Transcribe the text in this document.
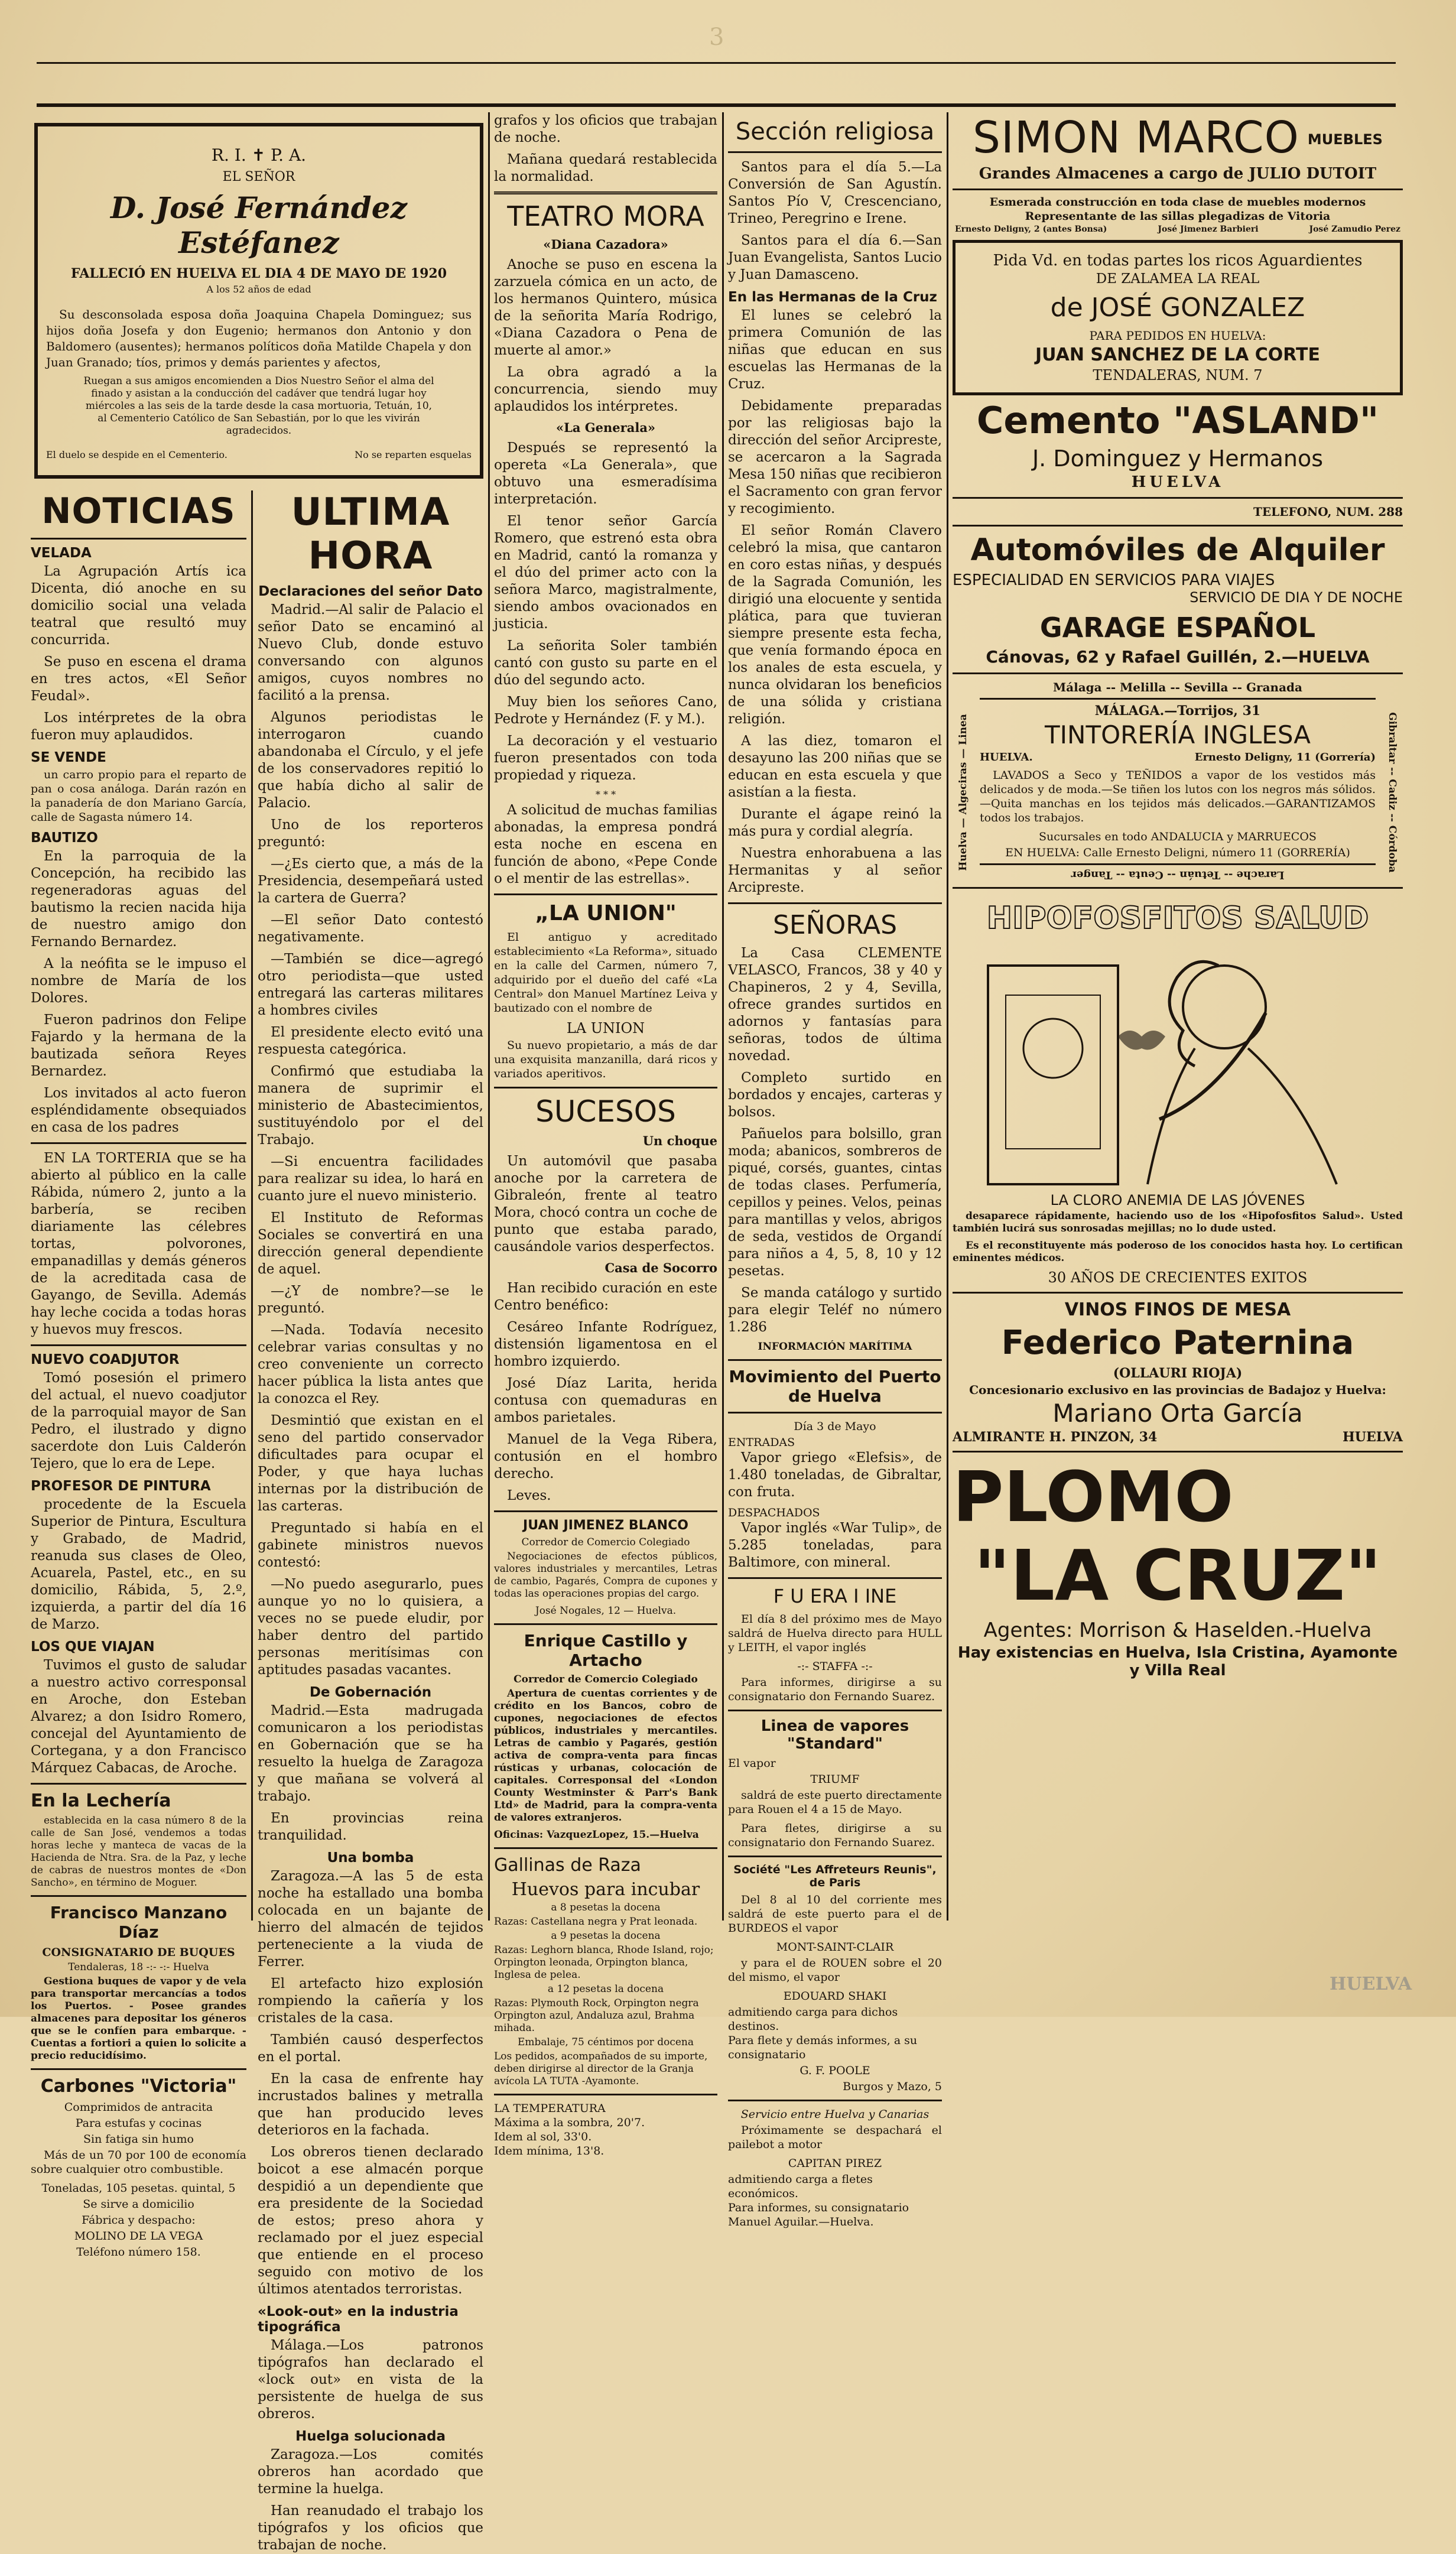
3
R. I. ✝ P. A.
EL SEÑOR
D. José Fernández Estéfanez
FALLECIÓ EN HUELVA EL DIA 4 DE MAYO DE 1920
A los 52 años de edad

Su desconsolada esposa doña Joaquina Chapela Dominguez; sus hijos doña Josefa y don Eugenio; hermanos don Antonio y don Baldomero (ausentes); hermanos políticos doña Matilde Chapela y don Juan Granado; tíos, primos y demás parientes y afectos,

Ruegan a sus amigos encomienden a Dios Nuestro Señor el alma del finado y asistan a la conducción del cadáver que tendrá lugar hoy miércoles a las seis de la tarde desde la casa mortuoria, Tetuán, 10, al Cementerio Católico de San Sebastián, por lo que les vivirán agradecidos.

El duelo se despide en el Cementerio.	No se reparten esquelas
NOTICIAS
VELADA

La Agrupación Artís ica Dicenta, dió anoche en su domicilio social una velada teatral que resultó muy concurrida.

Se puso en escena el drama en tres actos, «El Señor Feudal».

Los intérpretes de la obra fueron muy aplaudidos.

SE VENDE

un carro propio para el reparto de pan o cosa análoga. Darán razón en la panadería de don Mariano García, calle de Sagasta número 14.

BAUTIZO

En la parroquia de la Concepción, ha recibido las regeneradoras aguas del bautismo la recien nacida hija de nuestro amigo don Fernando Bernardez.

A la neófita se le impuso el nombre de María de los Dolores.

Fueron padrinos don Felipe Fajardo y la hermana de la bautizada señora Reyes Bernardez.

Los invitados al acto fueron espléndidamente obsequiados en casa de los padres

EN LA TORTERIA que se ha abierto al público en la calle Rábida, número 2, junto a la barbería, se reciben diariamente las célebres tortas, polvorones, empanadillas y demás géneros de la acreditada casa de Gayango, de Sevilla. Además hay leche cocida a todas horas y huevos muy frescos.

NUEVO COADJUTOR

Tomó posesión el primero del actual, el nuevo coadjutor de la parroquial mayor de San Pedro, el ilustrado y digno sacerdote don Luis Calderón Tejero, que lo era de Lepe.

PROFESOR DE PINTURA

procedente de la Escuela Superior de Pintura, Escultura y Grabado, de Madrid, reanuda sus clases de Oleo, Acuarela, Pastel, etc., en su domicilio, Rábida, 5, 2.º, izquierda, a partir del día 16 de Marzo.

LOS QUE VIAJAN

Tuvimos el gusto de saludar a nuestro activo corresponsal en Aroche, don Esteban Alvarez; a don Isidro Romero, concejal del Ayuntamiento de Cortegana, y a don Francisco Márquez Cabacas, de Aroche.

En la Lechería

establecida en la casa número 8 de la calle de San José, vendemos a todas horas leche y manteca de vacas de la Hacienda de Ntra. Sra. de la Paz, y leche de cabras de nuestros montes de «Don Sancho», en término de Moguer.

Francisco Manzano Díaz
CONSIGNATARIO DE BUQUES
Tendaleras, 18 -:- -:- Huelva

Gestiona buques de vapor y de vela para transportar mercancías a todos los Puertos. - Posee grandes almacenes para depositar los géneros que se le confíen para embarque. - Cuentas a fortiori a quien lo solicite a precio reducidísimo.

Carbones "Victoria"
Comprimidos de antracita
Para estufas y cocinas
Sin fatiga sin humo

Más de un 70 por 100 de economía sobre cualquier otro combustible.

Toneladas, 105 pesetas. quintal, 5
Se sirve a domicilio
Fábrica y despacho:
MOLINO DE LA VEGA
Teléfono número 158.
ULTIMA HORA
Declaraciones del señor Dato

Madrid.—Al salir de Palacio el señor Dato se encaminó al Nuevo Club, donde estuvo conversando con algunos amigos, cuyos nombres no facilitó a la prensa.

Algunos periodistas le interrogaron cuando abandonaba el Círculo, y el jefe de los conservadores repitió lo que había dicho al salir de Palacio.

Uno de los reporteros preguntó:

—¿Es cierto que, a más de la Presidencia, desempeñará usted la cartera de Guerra?

—El señor Dato contestó negativamente.

—También se dice—agregó otro periodista—que usted entregará las carteras militares a hombres civiles

El presidente electo evitó una respuesta categórica.

Confirmó que estudiaba la manera de suprimir el ministerio de Abastecimientos, sustituyéndolo por el del Trabajo.

—Si encuentra facilidades para realizar su idea, lo hará en cuanto jure el nuevo ministerio.

El Instituto de Reformas Sociales se convertirá en una dirección general dependiente de aquel.

—¿Y de nombre?—se le preguntó.

—Nada. Todavía necesito celebrar varias consultas y no creo conveniente un correcto hacer pública la lista antes que la conozca el Rey.

Desmintió que existan en el seno del partido conservador dificultades para ocupar el Poder, y que haya luchas internas por la distribución de las carteras.

Preguntado si había en el gabinete ministros nuevos contestó:

—No puedo asegurarlo, pues aunque yo no lo quisiera, a veces no se puede eludir, por haber dentro del partido personas meritísimas con aptitudes pasadas vacantes.

De Gobernación

Madrid.—Esta madrugada comunicaron a los periodistas en Gobernación que se ha resuelto la huelga de Zaragoza y que mañana se volverá al trabajo.

En provincias reina tranquilidad.

Una bomba

Zaragoza.—A las 5 de esta noche ha estallado una bomba colocada en un bajante de hierro del almacén de tejidos perteneciente a la viuda de Ferrer.

El artefacto hizo explosión rompiendo la cañería y los cristales de la casa.

También causó desperfectos en el portal.

En la casa de enfrente hay incrustados balines y metralla que han producido leves deterioros en la fachada.

Los obreros tienen declarado boicot a ese almacén porque despidió a un dependiente que era presidente de la Sociedad de estos; preso ahora y reclamado por el juez especial que entiende en el proceso seguido con motivo de los últimos atentados terroristas.

«Look-out» en la industria tipográfica

Málaga.—Los patronos tipógrafos han declarado el «lock out» en vista de la persistente de huelga de sus obreros.

Huelga solucionada

Zaragoza.—Los comités obreros han acordado que termine la huelga.

Han reanudado el trabajo los tipógrafos y los oficios que trabajan de noche.

grafos y los oficios que trabajan de noche.

Mañana quedará restablecida la normalidad.

TEATRO MORA
«Diana Cazadora»

Anoche se puso en escena la zarzuela cómica en un acto, de los hermanos Quintero, música de la señorita María Rodrigo, «Diana Cazadora o Pena de muerte al amor.»

La obra agradó a la concurrencia, siendo muy aplaudidos los intérpretes.

«La Generala»

Después se representó la opereta «La Generala», que obtuvo una esmeradísima interpretación.

El tenor señor García Romero, que estrenó esta obra en Madrid, cantó la romanza y el dúo del primer acto con la señora Marco, magistralmente, siendo ambos ovacionados en justicia.

La señorita Soler también cantó con gusto su parte en el dúo del segundo acto.

Muy bien los señores Cano, Pedrote y Hernández (F. y M.).

La decoración y el vestuario fueron presentados con toda propiedad y riqueza.

* * *

A solicitud de muchas familias abonadas, la empresa pondrá esta noche en escena en función de abono, «Pepe Conde o el mentir de las estrellas».

„LA UNION"

El antiguo y acreditado establecimiento «La Reforma», situado en la calle del Carmen, número 7, adquirido por el dueño del café «La Central» don Manuel Martínez Leiva y bautizado con el nombre de

LA UNION

Su nuevo propietario, a más de dar una exquisita manzanilla, dará ricos y variados aperitivos.

SUCESOS
Un choque

Un automóvil que pasaba anoche por la carretera de Gibraleón, frente al teatro Mora, chocó contra un coche de punto que estaba parado, causándole varios desperfectos.

Casa de Socorro

Han recibido curación en este Centro benéfico:

Cesáreo Infante Rodríguez, distensión ligamentosa en el hombro izquierdo.

José Díaz Larita, herida contusa con quemaduras en ambos parietales.

Manuel de la Vega Ribera, contusión en el hombro derecho.

Leves.

JUAN JIMENEZ BLANCO
Corredor de Comercio Colegiado

Negociaciones de efectos públicos, valores industriales y mercantiles, Letras de cambio, Pagarés, Compra de cupones y todas las operaciones propias del cargo.

José Nogales, 12 — Huelva.
Enrique Castillo y Artacho
Corredor de Comercio Colegiado

Apertura de cuentas corrientes y de crédito en los Bancos, cobro de cupones, negociaciones de efectos públicos, industriales y mercantiles. Letras de cambio y Pagarés, gestión activa de compra-venta para fincas rústicas y urbanas, colocación de capitales. Corresponsal del «London County Westminster & Parr's Bank Ltd» de Madrid, para la compra-venta de valores extranjeros.

Oficinas: VazquezLopez, 15.—Huelva
Gallinas de Raza
Huevos para incubar
a 8 pesetas la docena
Razas: Castellana negra y Prat leonada.
a 9 pesetas la docena
Razas: Leghorn blanca, Rhode Island, rojo; Orpington leonada, Orpington blanca, Inglesa de pelea.
a 12 pesetas la docena
Razas: Plymouth Rock, Orpington negra Orpington azul, Andaluza azul, Brahma mihada.
Embalaje, 75 céntimos por docena
Los pedidos, acompañados de su importe, deben dirigirse al director de la Granja avícola LA TUTA -Ayamonte.
LA TEMPERATURA
Máxima a la sombra, 20'7.
Idem al sol, 33'0.
Idem mínima, 13'8.
Sección religiosa

Santos para el día 5.—La Conversión de San Agustín. Santos Pío V, Crescenciano, Trineo, Peregrino e Irene.

Santos para el día 6.—San Juan Evangelista, Santos Lucio y Juan Damasceno.

En las Hermanas de la Cruz

El lunes se celebró la primera Comunión de las niñas que educan en sus escuelas las Hermanas de la Cruz.

Debidamente preparadas por las religiosas bajo la dirección del señor Arcipreste, se acercaron a la Sagrada Mesa 150 niñas que recibieron el Sacramento con gran fervor y recogimiento.

El señor Román Clavero celebró la misa, que cantaron en coro estas niñas, y después de la Sagrada Comunión, les dirigió una elocuente y sentida plática, para que tuvieran siempre presente esta fecha, que venía formando época en los anales de esta escuela, y nunca olvidaran los beneficios de una sólida y cristiana religión.

A las diez, tomaron el desayuno las 200 niñas que se educan en esta escuela y que asistían a la fiesta.

Durante el ágape reinó la más pura y cordial alegría.

Nuestra enhorabuena a las Hermanitas y al señor Arcipreste.

SEÑORAS

La Casa CLEMENTE VELASCO, Francos, 38 y 40 y Chapineros, 2 y 4, Sevilla, ofrece grandes surtidos en adornos y fantasías para señoras, todos de última novedad.

Completo surtido en bordados y encajes, carteras y bolsos.

Pañuelos para bolsillo, gran moda; abanicos, sombreros de piqué, corsés, guantes, cintas de todas clases. Perfumería, cepillos y peines. Velos, peinas para mantillas y velos, abrigos de seda, vestidos de Organdí para niños a 4, 5, 8, 10 y 12 pesetas.

Se manda catálogo y surtido para elegir Teléf no número 1.286

INFORMACIÓN MARÍTIMA
Movimiento del Puerto de Huelva
Día 3 de Mayo
ENTRADAS

Vapor griego «Elefsis», de 1.480 toneladas, de Gibraltar, con fruta.

DESPACHADOS

Vapor inglés «War Tulip», de 5.285 toneladas, para Baltimore, con mineral.

F U ERA I INE

El día 8 del próximo mes de Mayo saldrá de Huelva directo para HULL y LEITH, el vapor inglés

-:- STAFFA -:-

Para informes, dirigirse a su consignatario don Fernando Suarez.

Linea de vapores "Standard"
El vapor
TRIUMF

saldrá de este puerto directamente para Rouen el 4 a 15 de Mayo.

Para fletes, dirigirse a su consignatario don Fernando Suarez.

Société "Les Affreteurs Reunis", de Paris

Del 8 al 10 del corriente mes saldrá de este puerto para el de BURDEOS el vapor

MONT-SAINT-CLAIR

y para el de ROUEN sobre el 20 del mismo, el vapor

EDOUARD SHAKI
admitiendo carga para dichos destinos.
Para flete y demás informes, a su consignatario
G. F. POOLE
Burgos y Mazo, 5
Servicio entre Huelva y Canarias

Próximamente se despachará el pailebot a motor

CAPITAN PIREZ
admitiendo carga a fletes económicos.
Para informes, su consignatario Manuel Aguilar.—Huelva.
SIMON MARCO MUEBLES
Grandes Almacenes a cargo de JULIO DUTOIT
Esmerada construcción en toda clase de muebles modernos
Representante de las sillas plegadizas de Vitoria
Ernesto Deligny, 2 (antes Bonsa)	José Jimenez Barbieri	José Zamudio Perez
Pida Vd. en todas partes los ricos Aguardientes
DE ZALAMEA LA REAL
de JOSÉ GONZALEZ
PARA PEDIDOS EN HUELVA:
JUAN SANCHEZ DE LA CORTE
TENDALERAS, NUM. 7
Cemento "ASLAND"
J. Dominguez y Hermanos
HUELVA
TELEFONO, NUM. 288
Automóviles de Alquiler
ESPECIALIDAD EN SERVICIOS PARA VIAJES
SERVICIO DE DIA Y DE NOCHE
GARAGE ESPAÑOL
Cánovas, 62 y Rafael Guillén, 2.—HUELVA
Málaga -- Melilla -- Sevilla -- Granada
MÁLAGA.—Torrijos, 31
TINTORERÍA INGLESA
HUELVA.	Ernesto Deligny, 11 (Gorrería)

LAVADOS a Seco y TEÑIDOS a vapor de los vestidos más delicados y de moda.—Se tiñen los lutos con los negros más sólidos.—Quita manchas en los tejidos más delicados.—GARANTIZAMOS todos los trabajos.

Sucursales en todo ANDALUCIA y MARRUECOS
EN HUELVA: Calle Ernesto Deligni, número 11 (GORRERÍA)
Larache -- Tetuán -- Ceuta -- Tanger
Huelva — Algeciras — Linea	Gibraltar -- Cadiz -- Córdoba
HIPOFOSFITOS SALUD
LA CLORO ANEMIA DE LAS JÓVENES

desaparece rápidamente, haciendo uso de los «Hipofosfitos Salud». Usted también lucirá sus sonrosadas mejillas; no lo dude usted.

Es el reconstituyente más poderoso de los conocidos hasta hoy. Lo certifican eminentes médicos.

30 AÑOS DE CRECIENTES EXITOS
VINOS FINOS DE MESA
Federico Paternina
(OLLAURI RIOJA)
Concesionario exclusivo en las provincias de Badajoz y Huelva:
Mariano Orta García
ALMIRANTE H. PINZON, 34	HUELVA
PLOMO
"LA CRUZ"
Agentes: Morrison & Haselden.-Huelva
Hay existencias en Huelva, Isla Cristina, Ayamonte y Villa Real
HUELVA
